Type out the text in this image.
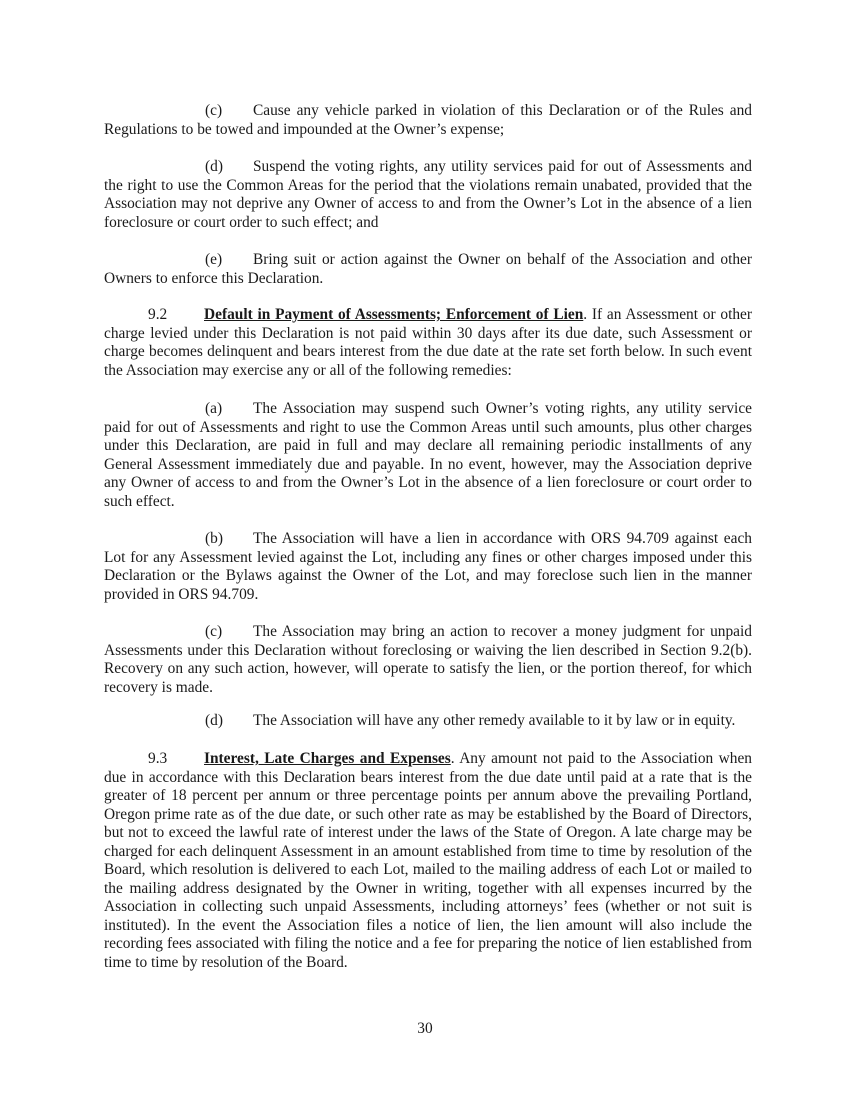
(c) Cause any vehicle parked in violation of this Declaration or of the Rules and Regulations to be towed and impounded at the Owner’s expense;

(d) Suspend the voting rights, any utility services paid for out of Assessments and the right to use the Common Areas for the period that the violations remain unabated, provided that the Association may not deprive any Owner of access to and from the Owner’s Lot in the absence of a lien foreclosure or court order to such effect; and

(e) Bring suit or action against the Owner on behalf of the Association and other Owners to enforce this Declaration.

9.2 Default in Payment of Assessments; Enforcement of Lien. If an Assessment or other charge levied under this Declaration is not paid within 30 days after its due date, such Assessment or charge becomes delinquent and bears interest from the due date at the rate set forth below. In such event the Association may exercise any or all of the following remedies:

(a) The Association may suspend such Owner’s voting rights, any utility service paid for out of Assessments and right to use the Common Areas until such amounts, plus other charges under this Declaration, are paid in full and may declare all remaining periodic installments of any General Assessment immediately due and payable. In no event, however, may the Association deprive any Owner of access to and from the Owner’s Lot in the absence of a lien foreclosure or court order to such effect.

(b) The Association will have a lien in accordance with ORS 94.709 against each Lot for any Assessment levied against the Lot, including any fines or other charges imposed under this Declaration or the Bylaws against the Owner of the Lot, and may foreclose such lien in the manner provided in ORS 94.709.

(c) The Association may bring an action to recover a money judgment for unpaid Assessments under this Declaration without foreclosing or waiving the lien described in Section 9.2(b). Recovery on any such action, however, will operate to satisfy the lien, or the portion thereof, for which recovery is made.

(d) The Association will have any other remedy available to it by law or in equity.

9.3 Interest, Late Charges and Expenses. Any amount not paid to the Association when due in accordance with this Declaration bears interest from the due date until paid at a rate that is the greater of 18 percent per annum or three percentage points per annum above the prevailing Portland, Oregon prime rate as of the due date, or such other rate as may be established by the Board of Directors, but not to exceed the lawful rate of interest under the laws of the State of Oregon. A late charge may be charged for each delinquent Assessment in an amount established from time to time by resolution of the Board, which resolution is delivered to each Lot, mailed to the mailing address of each Lot or mailed to the mailing address designated by the Owner in writing, together with all expenses incurred by the Association in collecting such unpaid Assessments, including attorneys’ fees (whether or not suit is instituted). In the event the Association files a notice of lien, the lien amount will also include the recording fees associated with filing the notice and a fee for preparing the notice of lien established from time to time by resolution of the Board.

30
